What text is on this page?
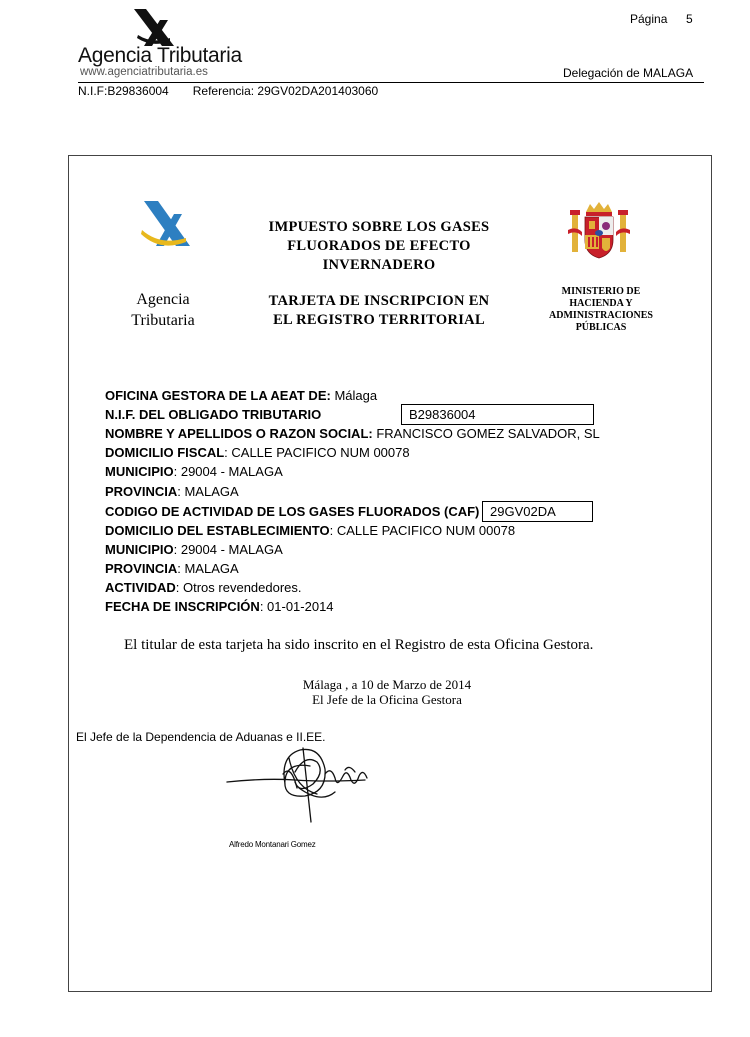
Agencia Tributaria
www.agenciatributaria.es
Página 5
Delegación de MALAGA
N.I.F:B29836004 Referencia: 29GV02DA201403060
Agencia
Tributaria
IMPUESTO SOBRE LOS GASES
FLUORADOS DE EFECTO
INVERNADERO
TARJETA DE INSCRIPCION EN
EL REGISTRO TERRITORIAL
MINISTERIO DE
HACIENDA Y
ADMINISTRACIONES
PÚBLICAS
OFICINA GESTORA DE LA AEAT DE: Málaga
N.I.F. DEL OBLIGADO TRIBUTARIO	B29836004
NOMBRE Y APELLIDOS O RAZON SOCIAL: FRANCISCO GOMEZ SALVADOR, SL
DOMICILIO FISCAL: CALLE PACIFICO NUM 00078
MUNICIPIO: 29004 - MALAGA
PROVINCIA: MALAGA
CODIGO DE ACTIVIDAD DE LOS GASES FLUORADOS (CAF) 29GV02DA
DOMICILIO DEL ESTABLECIMIENTO: CALLE PACIFICO NUM 00078
MUNICIPIO: 29004 - MALAGA
PROVINCIA: MALAGA
ACTIVIDAD: Otros revendedores.
FECHA DE INSCRIPCIÓN: 01-01-2014
El titular de esta tarjeta ha sido inscrito en el Registro de esta Oficina Gestora.
Málaga , a 10 de Marzo de 2014
El Jefe de la Oficina Gestora
El Jefe de la Dependencia de Aduanas e II.EE.
Alfredo Montanari Gomez
